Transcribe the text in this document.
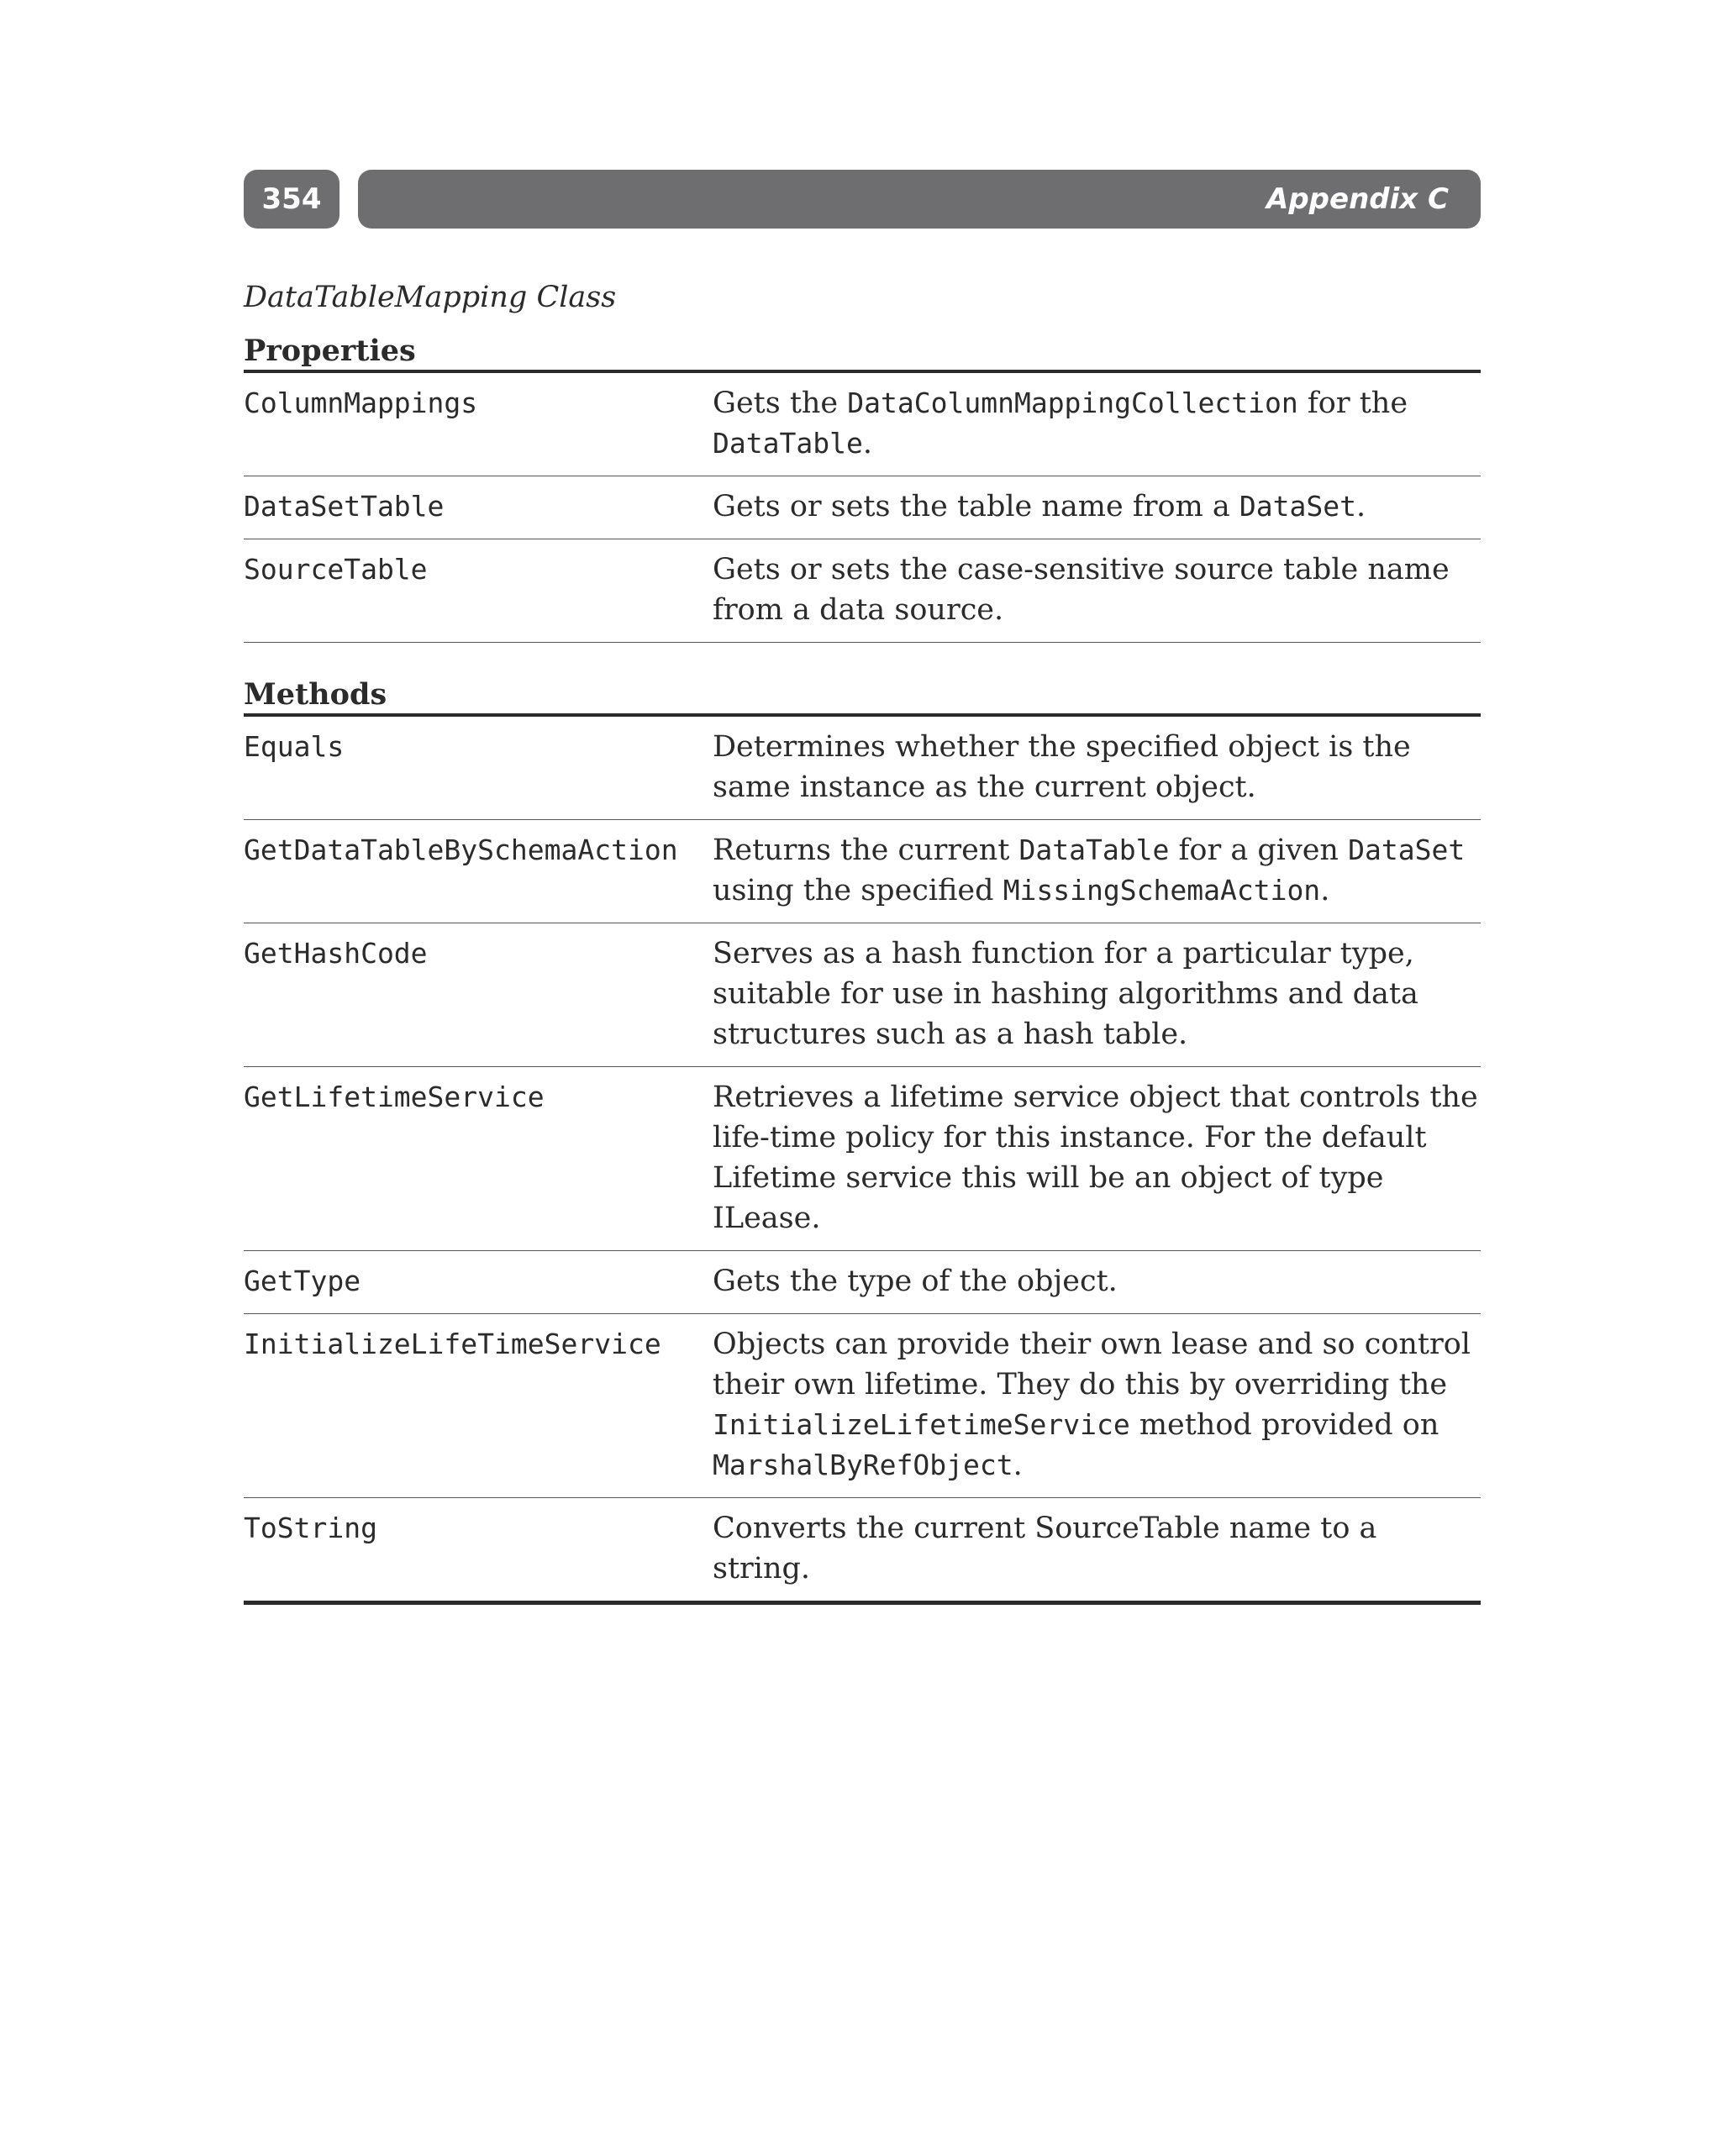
354	Appendix C
DataTableMapping Class
Properties
ColumnMappings	Gets the DataColumnMappingCollection for the DataTable.
DataSetTable	Gets or sets the table name from a DataSet.
SourceTable	Gets or sets the case-sensitive source table name from a data source.
Methods
Equals	Determines whether the specified object is the same instance as the current object.
GetDataTableBySchemaAction	Returns the current DataTable for a given DataSet using the specified MissingSchemaAction.
GetHashCode	Serves as a hash function for a particular type, suitable for use in hashing algorithms and data structures such as a hash table.
GetLifetimeService	Retrieves a lifetime service object that controls the life-time policy for this instance. For the default Lifetime service this will be an object of type ILease.
GetType	Gets the type of the object.
InitializeLifeTimeService	Objects can provide their own lease and so control their own lifetime. They do this by overriding the InitializeLifetimeService method provided on MarshalByRefObject.
ToString	Converts the current SourceTable name to a string.
